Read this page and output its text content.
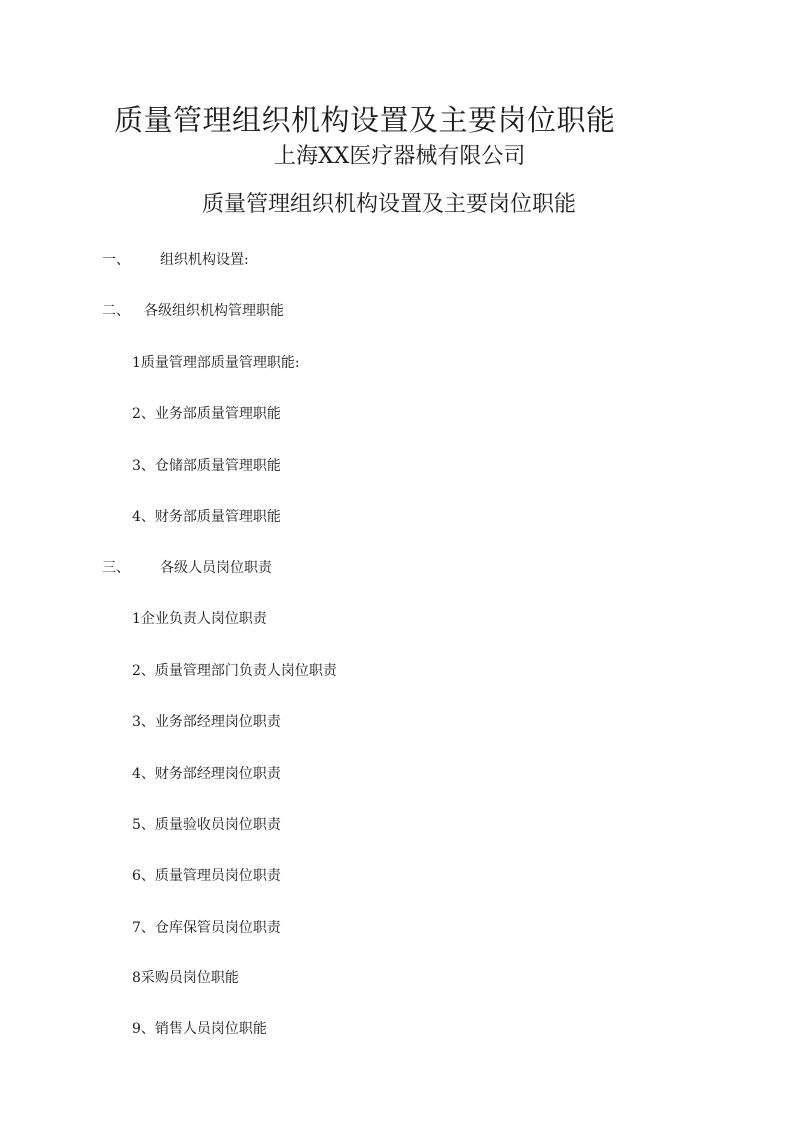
质量管理组织机构设置及主要岗位职能
上海XX医疗器械有限公司
质量管理组织机构设置及主要岗位职能
一、 组织机构设置:
二、 各级组织机构管理职能
1质量管理部质量管理职能:
2、业务部质量管理职能
3、仓储部质量管理职能
4、财务部质量管理职能
三、 各级人员岗位职责
1企业负责人岗位职责
2、质量管理部门负责人岗位职责
3、业务部经理岗位职责
4、财务部经理岗位职责
5、质量验收员岗位职责
6、质量管理员岗位职责
7、仓库保管员岗位职责
8采购员岗位职能
9、销售人员岗位职能
